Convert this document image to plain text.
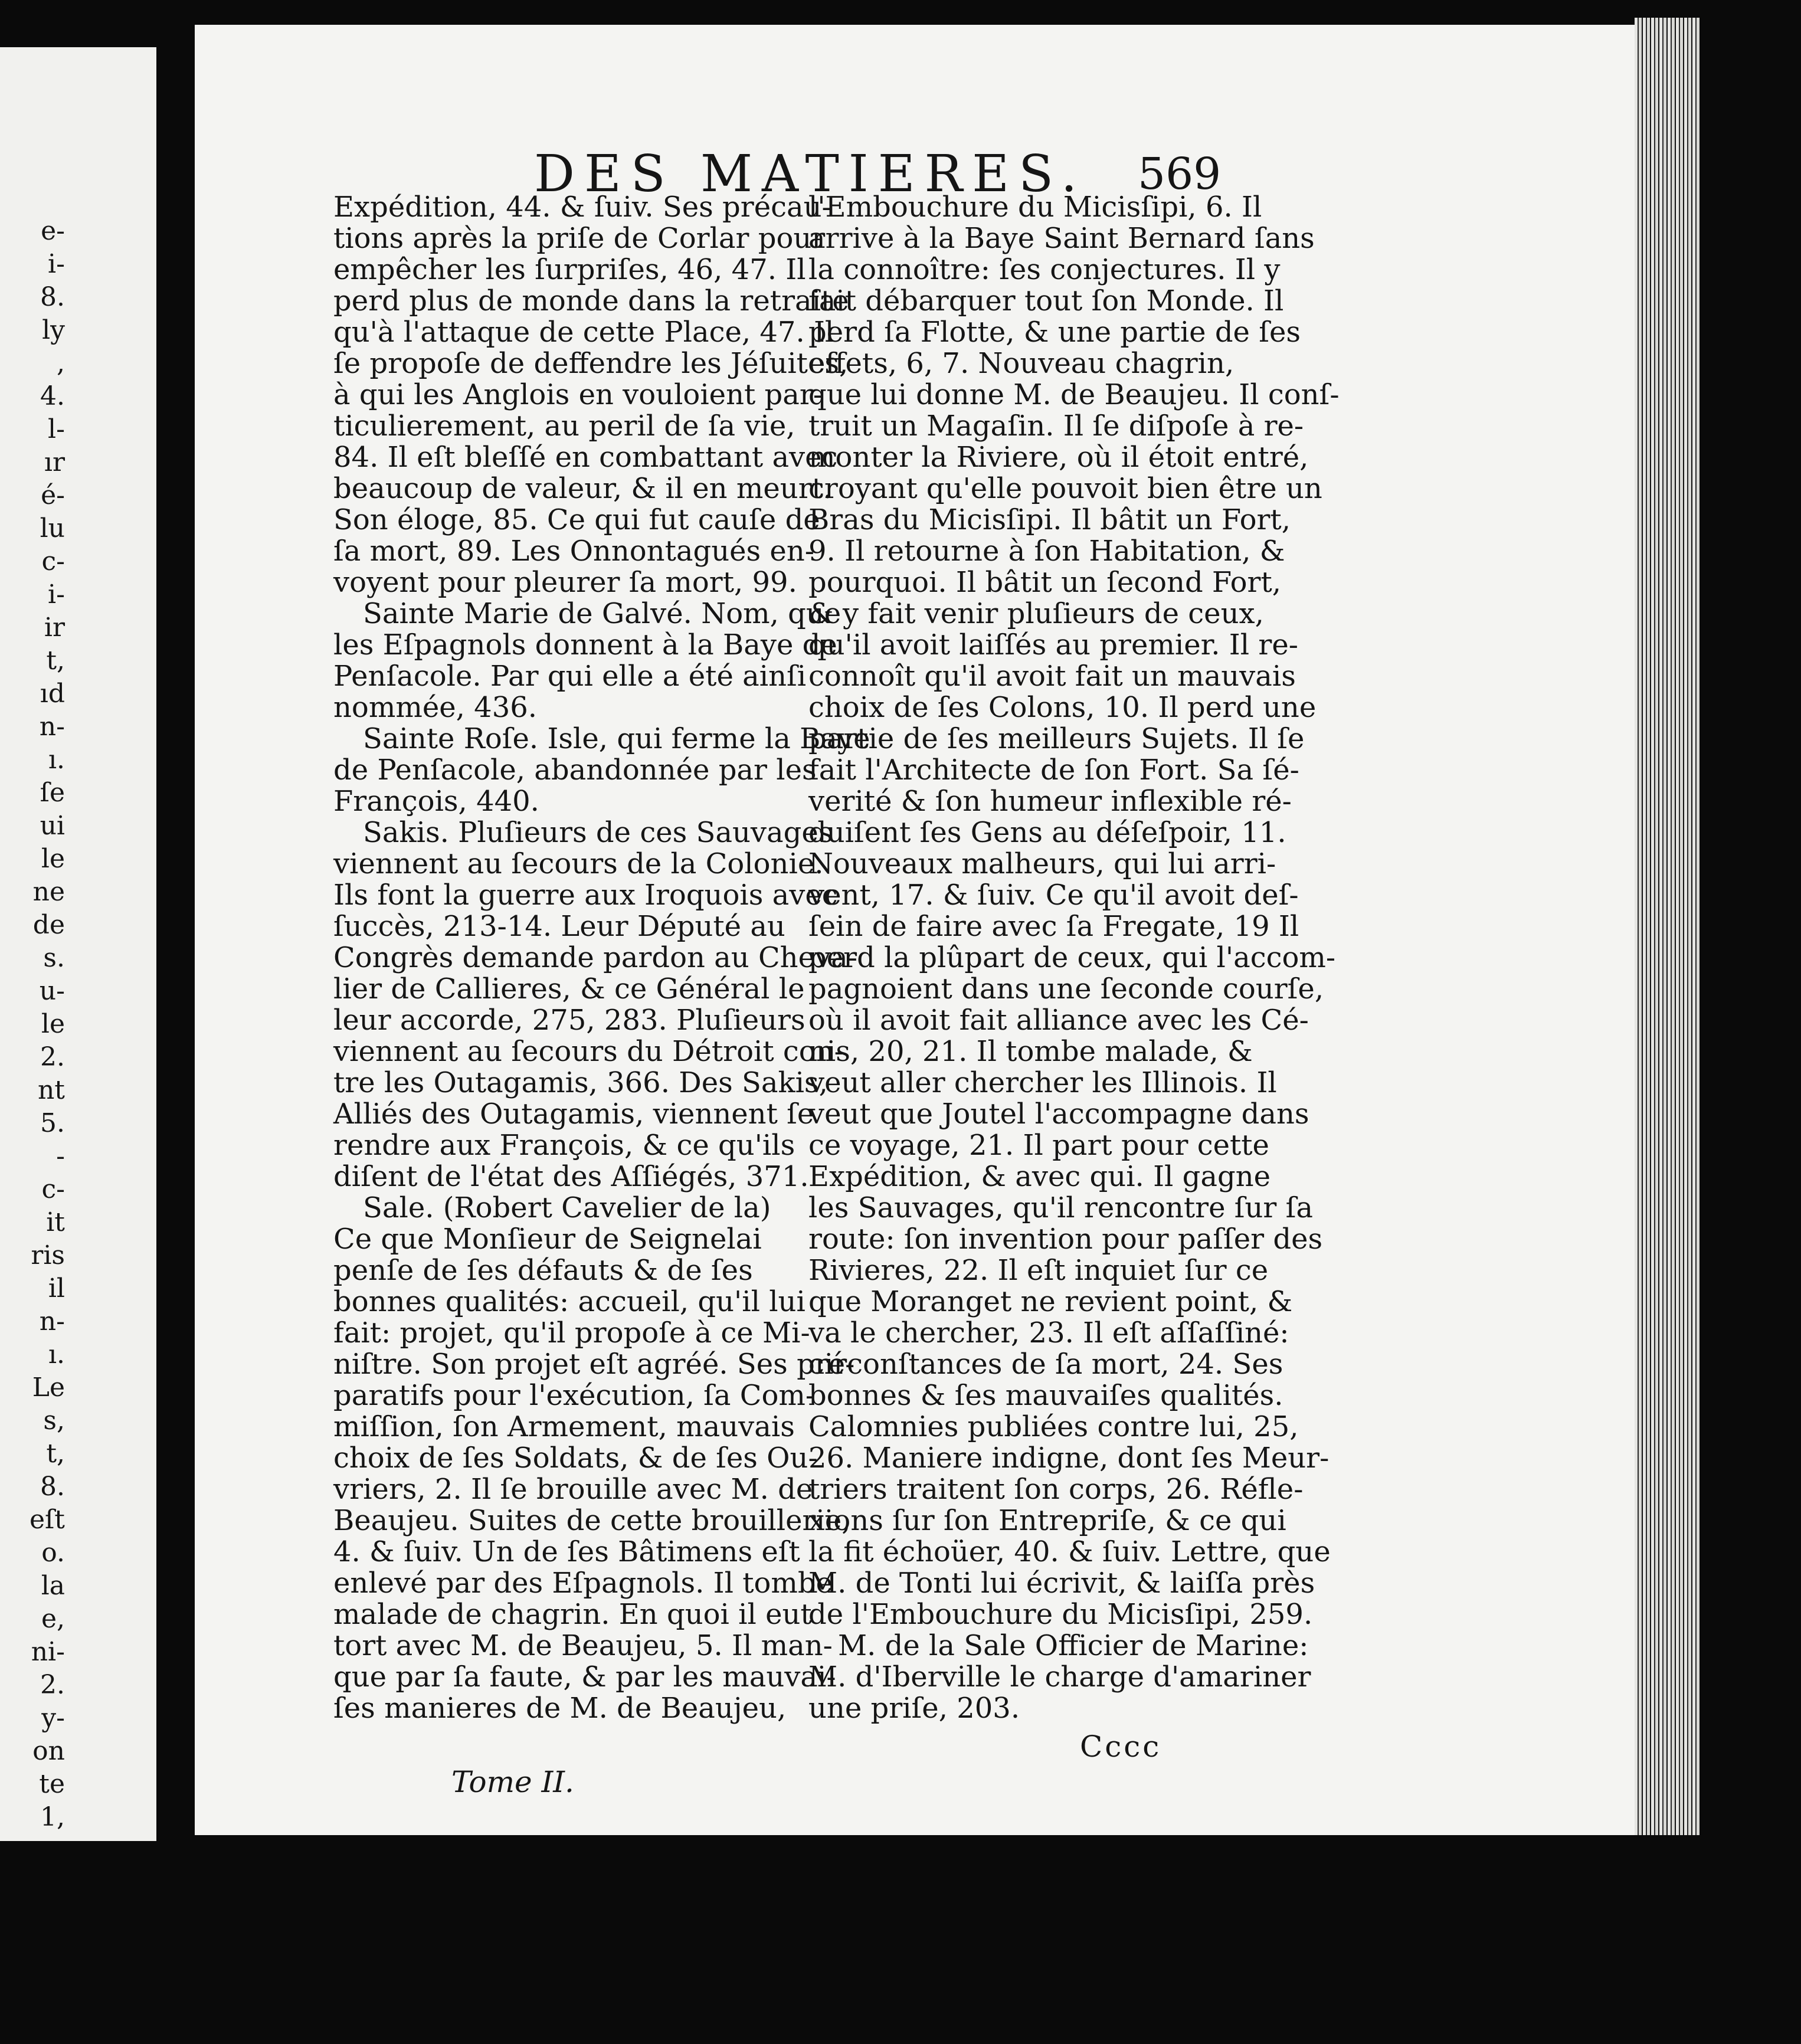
e-
i-
8.
ly
,
4.
l-
ır
é-
lu
c-
i-
ir
t,
ıd
n-
ı.
ſe
ui
le
ne
de
s.
u-
le
2.
nt
5.
-
c-
it
ris
il
n-
ı.
Le
s,
t,
8.
eſt
o.
la
e,
ni-
2.
y-
on
te
1,
DES MATIERES. 569
Expédition, 44. & ſuiv. Ses précau-
tions après la priſe de Corlar pour
empêcher les ſurpriſes, 46, 47. Il
perd plus de monde dans la retraite
qu'à l'attaque de cette Place, 47. Il
ſe propoſe de deffendre les Jéſuites,
à qui les Anglois en vouloient par-
ticulierement, au peril de ſa vie,
84. Il eſt bleſſé en combattant avec
beaucoup de valeur, & il en meurt.
Son éloge, 85. Ce qui fut cauſe de
ſa mort, 89. Les Onnontagués en-
voyent pour pleurer ſa mort, 99.
Sainte Marie de Galvé. Nom, que
les Eſpagnols donnent à la Baye de
Penſacole. Par qui elle a été ainſi
nommée, 436.
Sainte Roſe. Isle, qui ferme la Baye
de Penſacole, abandonnée par les
François, 440.
Sakis. Pluſieurs de ces Sauvages
viennent au ſecours de la Colonie.
Ils font la guerre aux Iroquois avec
ſuccès, 213-14. Leur Député au
Congrès demande pardon au Cheva-
lier de Callieres, & ce Général le
leur accorde, 275, 283. Pluſieurs
viennent au ſecours du Détroit con-
tre les Outagamis, 366. Des Sakis,
Alliés des Outagamis, viennent ſe
rendre aux François, & ce qu'ils
diſent de l'état des Aſſiégés, 371.
Sale. (Robert Cavelier de la)
Ce que Monſieur de Seignelai
penſe de ſes défauts & de ſes
bonnes qualités: accueil, qu'il lui
fait: projet, qu'il propoſe à ce Mi-
niſtre. Son projet eſt agréé. Ses pré-
paratifs pour l'exécution, ſa Com-
miſſion, ſon Armement, mauvais
choix de ſes Soldats, & de ſes Ou-
vriers, 2. Il ſe brouille avec M. de
Beaujeu. Suites de cette brouillerie,
4. & ſuiv. Un de ſes Bâtimens eſt
enlevé par des Eſpagnols. Il tombe
malade de chagrin. En quoi il eut
tort avec M. de Beaujeu, 5. Il man-
que par ſa faute, & par les mauvai-
ſes manieres de M. de Beaujeu,
l'Embouchure du Micisſipi, 6. Il
arrive à la Baye Saint Bernard ſans
la connoître: ſes conjectures. Il y
fait débarquer tout ſon Monde. Il
perd ſa Flotte, & une partie de ſes
effets, 6, 7. Nouveau chagrin,
que lui donne M. de Beaujeu. Il conſ-
truit un Magaſin. Il ſe diſpoſe à re-
monter la Riviere, où il étoit entré,
croyant qu'elle pouvoit bien être un
Bras du Micisſipi. Il bâtit un Fort,
9. Il retourne à ſon Habitation, &
pourquoi. Il bâtit un ſecond Fort,
& y fait venir pluſieurs de ceux,
qu'il avoit laiſſés au premier. Il re-
connoît qu'il avoit fait un mauvais
choix de ſes Colons, 10. Il perd une
partie de ſes meilleurs Sujets. Il ſe
fait l'Architecte de ſon Fort. Sa ſé-
verité & ſon humeur inflexible ré-
duiſent ſes Gens au déſeſpoir, 11.
Nouveaux malheurs, qui lui arri-
vent, 17. & ſuiv. Ce qu'il avoit deſ-
ſein de faire avec ſa Fregate, 19 Il
perd la plûpart de ceux, qui l'accom-
pagnoient dans une ſeconde courſe,
où il avoit fait alliance avec les Cé-
nis, 20, 21. Il tombe malade, &
veut aller chercher les Illinois. Il
veut que Joutel l'accompagne dans
ce voyage, 21. Il part pour cette
Expédition, & avec qui. Il gagne
les Sauvages, qu'il rencontre ſur ſa
route: ſon invention pour paſſer des
Rivieres, 22. Il eſt inquiet ſur ce
que Moranget ne revient point, &
va le chercher, 23. Il eſt aſſaſſiné:
circonſtances de ſa mort, 24. Ses
bonnes & ſes mauvaiſes qualités.
Calomnies publiées contre lui, 25,
26. Maniere indigne, dont ſes Meur-
triers traitent ſon corps, 26. Réfle-
xions ſur ſon Entrepriſe, & ce qui
la fit échoüer, 40. & ſuiv. Lettre, que
M. de Tonti lui écrivit, & laiſſa près
de l'Embouchure du Micisſipi, 259.
M. de la Sale Officier de Marine:
M. d'Iberville le charge d'amariner
une priſe, 203.
Tome II.
Cccc
